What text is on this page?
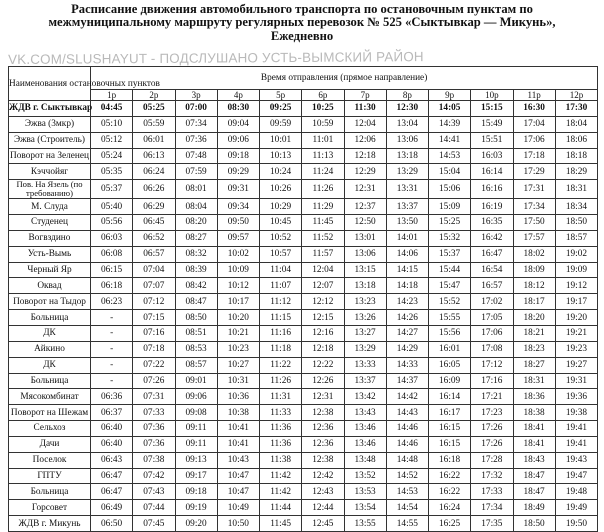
Расписание движения автомобильного транспорта по остановочным пунктам по
межмуниципальному маршруту регулярных перевозок № 525 «Сыктывкар — Микунь»,
Ежедневно
VK.COM/SLUSHAYUT - ПОДСЛУШАНО УСТЬ-ВЫМСКИЙ РАЙОН
Наименования остановочных пунктов	Время отправления (прямое направление)											
	1р	2р	3р	4р	5р	6р	7р	8р	9р	10р	11р	12р
ЖДВ г. Сыктывкар	04:45	05:25	07:00	08:30	09:25	10:25	11:30	12:30	14:05	15:15	16:30	17:30
Эжва (3мкр)	05:10	05:59	07:34	09:04	09:59	10:59	12:04	13:04	14:39	15:49	17:04	18:04
Эжва (Строитель)	05:12	06:01	07:36	09:06	10:01	11:01	12:06	13:06	14:41	15:51	17:06	18:06
Поворот на Зеленец	05:24	06:13	07:48	09:18	10:13	11:13	12:18	13:18	14:53	16:03	17:18	18:18
Кэччойяг	05:35	06:24	07:59	09:29	10:24	11:24	12:29	13:29	15:04	16:14	17:29	18:29
Пов. На Язель (по требованию)	05:37	06:26	08:01	09:31	10:26	11:26	12:31	13:31	15:06	16:16	17:31	18:31
М. Слуда	05:40	06:29	08:04	09:34	10:29	11:29	12:37	13:37	15:09	16:19	17:34	18:34
Студенец	05:56	06:45	08:20	09:50	10:45	11:45	12:50	13:50	15:25	16:35	17:50	18:50
Вогвздино	06:03	06:52	08:27	09:57	10:52	11:52	13:01	14:01	15:32	16:42	17:57	18:57
Усть-Вымь	06:08	06:57	08:32	10:02	10:57	11:57	13:06	14:06	15:37	16:47	18:02	19:02
Черный Яр	06:15	07:04	08:39	10:09	11:04	12:04	13:15	14:15	15:44	16:54	18:09	19:09
Оквад	06:18	07:07	08:42	10:12	11:07	12:07	13:18	14:18	15:47	16:57	18:12	19:12
Поворот на Тыдор	06:23	07:12	08:47	10:17	11:12	12:12	13:23	14:23	15:52	17:02	18:17	19:17
Больница	-	07:15	08:50	10:20	11:15	12:15	13:26	14:26	15:55	17:05	18:20	19:20
ДК	-	07:16	08:51	10:21	11:16	12:16	13:27	14:27	15:56	17:06	18:21	19:21
Айкино	-	07:18	08:53	10:23	11:18	12:18	13:29	14:29	16:01	17:08	18:23	19:23
ДК	-	07:22	08:57	10:27	11:22	12:22	13:33	14:33	16:05	17:12	18:27	19:27
Больница	-	07:26	09:01	10:31	11:26	12:26	13:37	14:37	16:09	17:16	18:31	19:31
Мясокомбинат	06:36	07:31	09:06	10:36	11:31	12:31	13:42	14:42	16:14	17:21	18:36	19:36
Поворот на Шежам	06:37	07:33	09:08	10:38	11:33	12:38	13:43	14:43	16:17	17:23	18:38	19:38
Сельхоз	06:40	07:36	09:11	10:41	11:36	12:36	13:46	14:46	16:15	17:26	18:41	19:41
Дачи	06:40	07:36	09:11	10:41	11:36	12:36	13:46	14:46	16:15	17:26	18:41	19:41
Поселок	06:43	07:38	09:13	10:43	11:38	12:38	13:48	14:48	16:18	17:28	18:43	19:43
ГПТУ	06:47	07:42	09:17	10:47	11:42	12:42	13:52	14:52	16:22	17:32	18:47	19:47
Больница	06:47	07:43	09:18	10:47	11:42	12:43	13:53	14:53	16:22	17:33	18:47	19:48
Горсовет	06:49	07:44	09:19	10:49	11:44	12:44	13:54	14:54	16:24	17:34	18:49	19:49
ЖДВ г. Микунь	06:50	07:45	09:20	10:50	11:45	12:45	13:55	14:55	16:25	17:35	18:50	19:50
